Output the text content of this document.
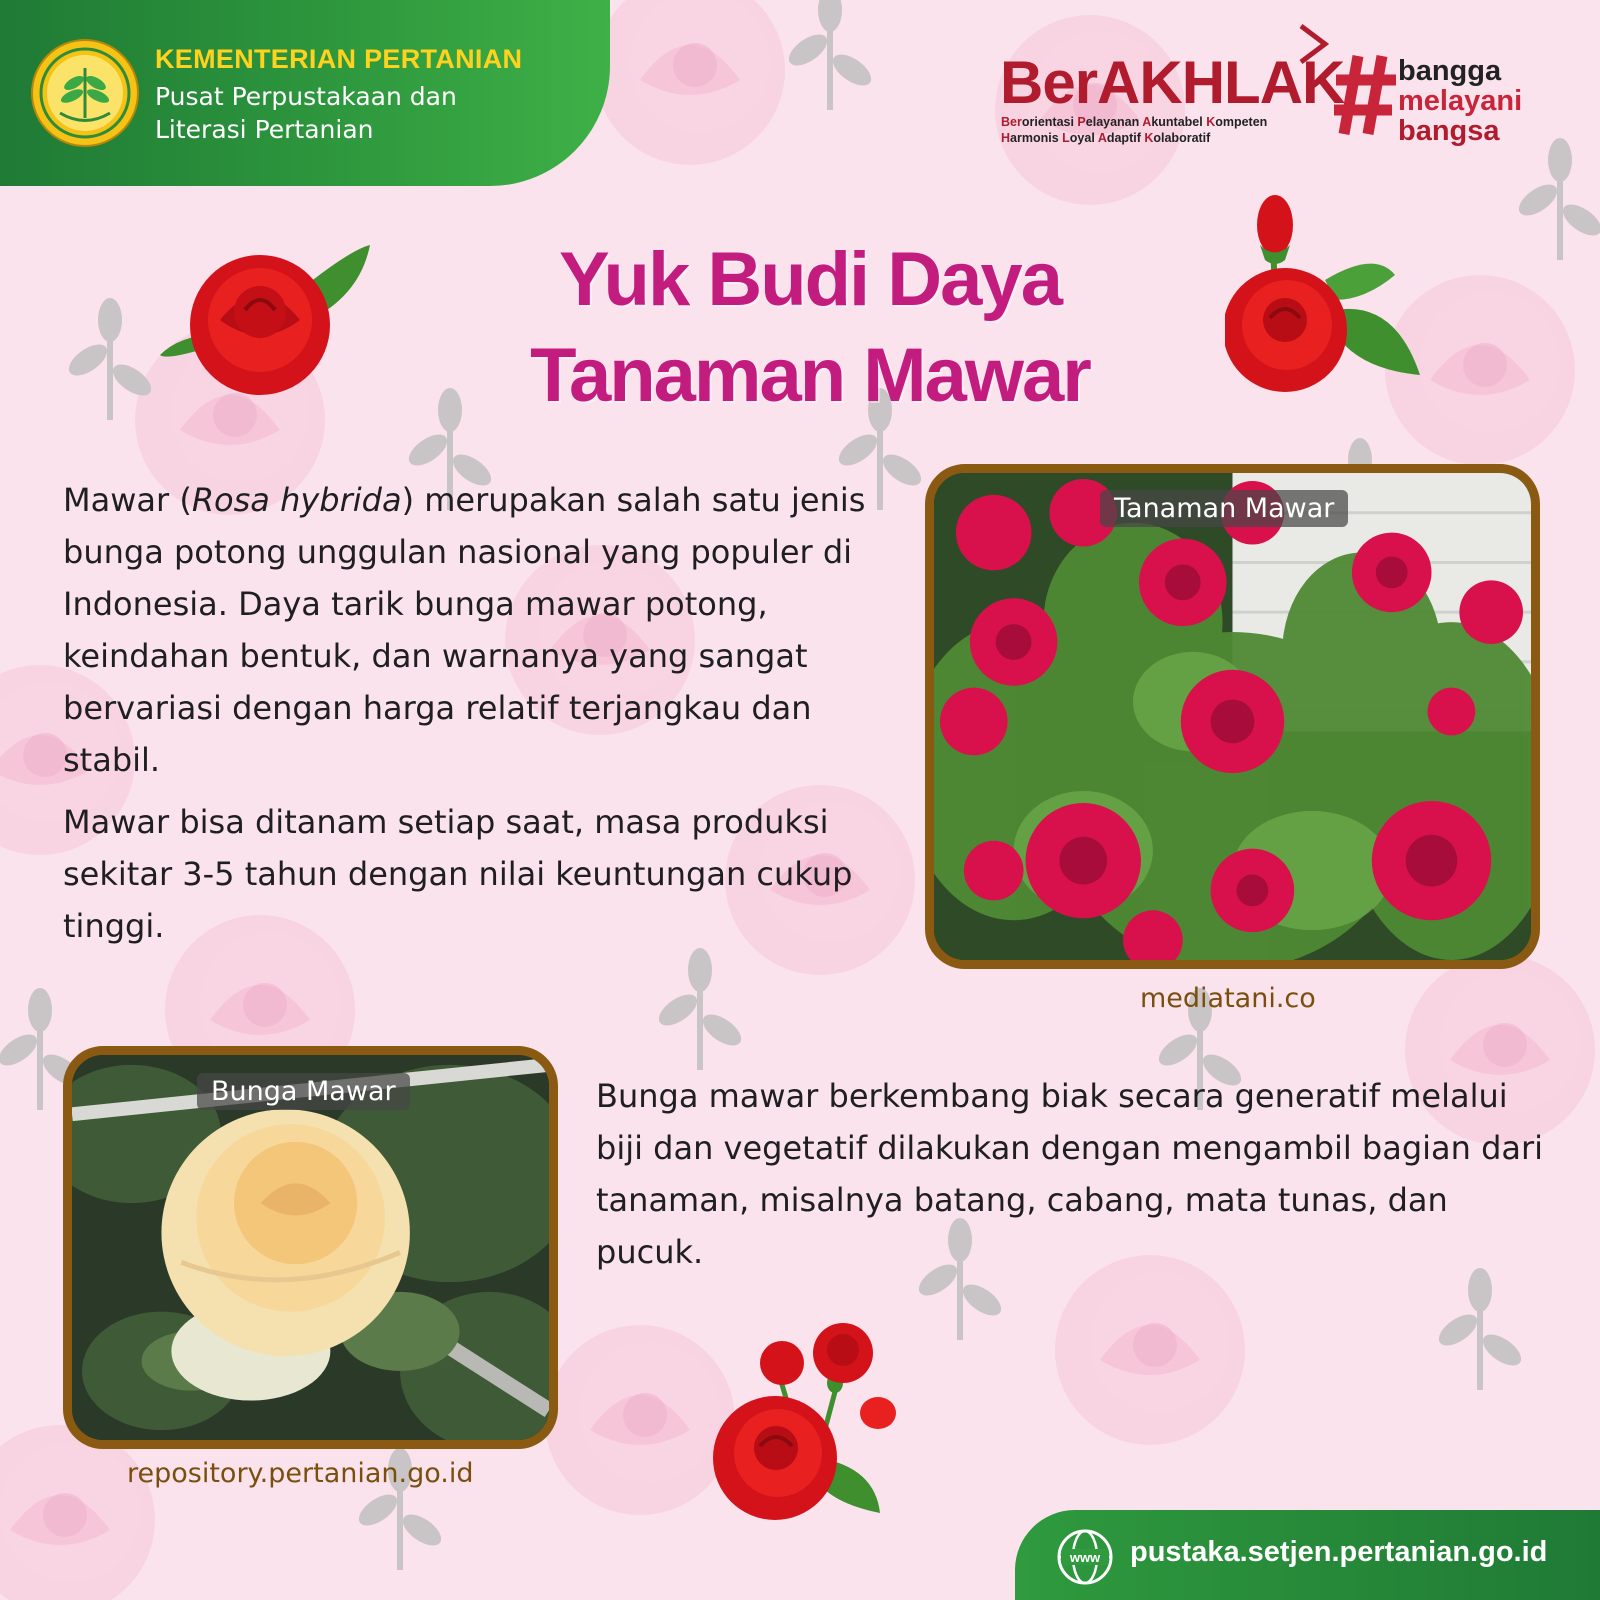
KEMENTERIAN PERTANIAN
Pusat Perpustakaan dan
Literasi Pertanian
BerAKHLAK
Berorientasi Pelayanan Akuntabel Kompeten
Harmonis Loyal Adaptif Kolaboratif
bangga
melayani
bangsa
Yuk Budi Daya
Tanaman Mawar
Mawar (Rosa hybrida) merupakan salah satu jenis bunga potong unggulan nasional yang populer di Indonesia. Daya tarik bunga mawar potong, keindahan bentuk, dan warnanya yang sangat bervariasi dengan harga relatif terjangkau dan stabil.
Mawar bisa ditanam setiap saat, masa produksi sekitar 3-5 tahun dengan nilai keuntungan cukup tinggi.
Tanaman Mawar
mediatani.co
Bunga Mawar
repository.pertanian.go.id
Bunga mawar berkembang biak secara generatif melalui biji dan vegetatif dilakukan dengan mengambil bagian dari tanaman, misalnya batang, cabang, mata tunas, dan pucuk.
www pustaka.setjen.pertanian.go.id
